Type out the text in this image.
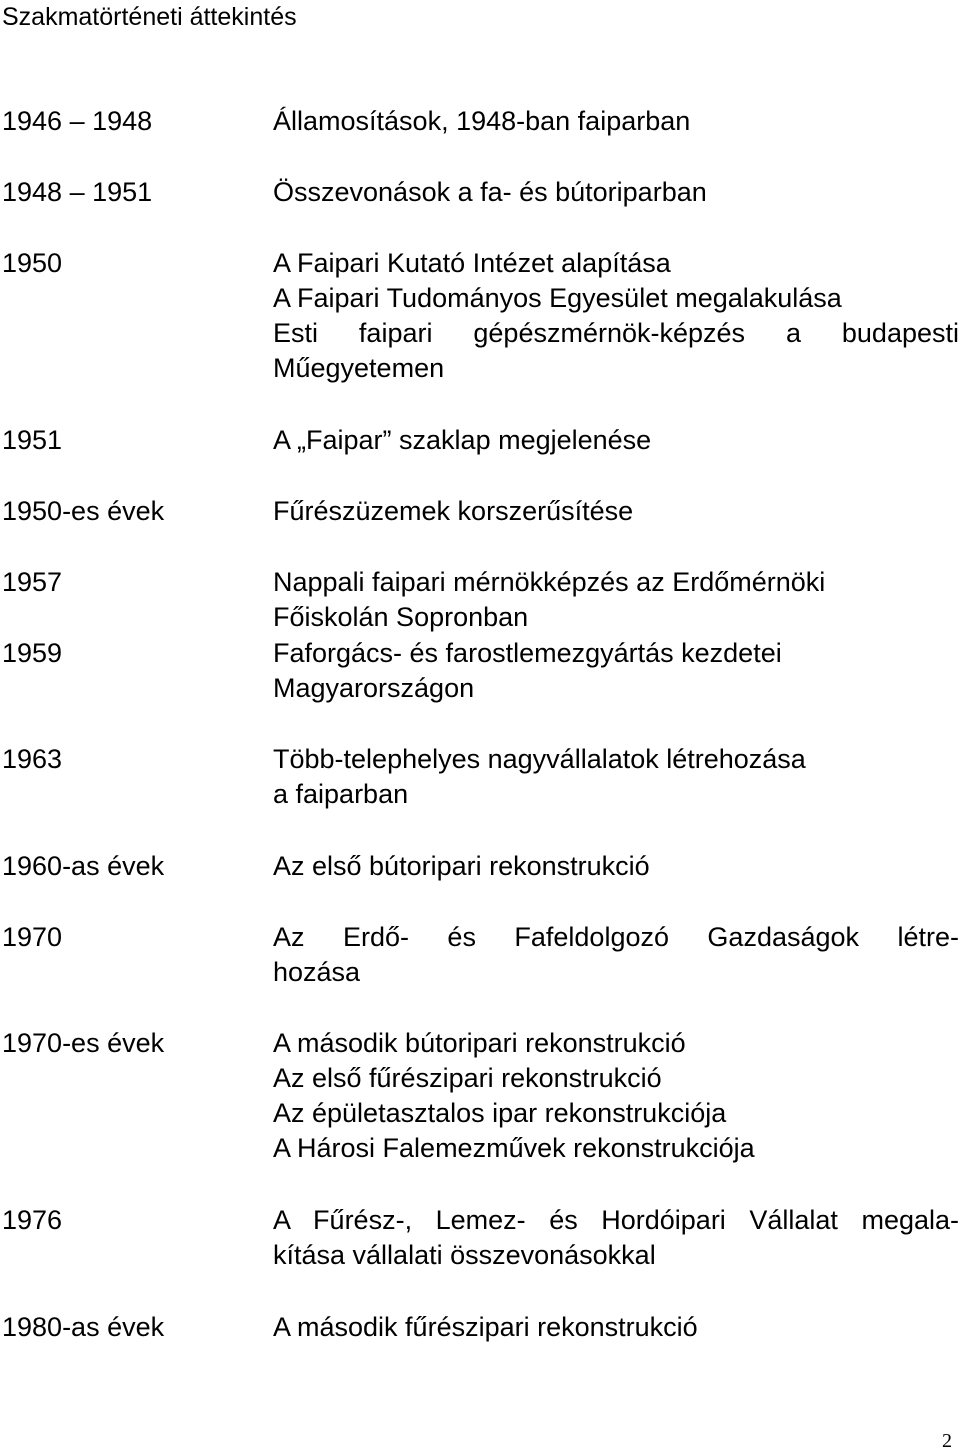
Szakmatörténeti áttekintés
1946 – 1948	Államosítások, 1948-ban faiparban
1948 – 1951	Összevonások a fa- és bútoriparban
1950	A Faipari Kutató Intézet alapítása
A Faipari Tudományos Egyesület megalakulása
Esti faipari gépészmérnök-képzés a budapesti
Műegyetemen
1951	A „Faipar” szaklap megjelenése
1950-es évek	Fűrészüzemek korszerűsítése
1957	Nappali faipari mérnökképzés az Erdőmérnöki
Főiskolán Sopronban
1959	Faforgács- és farostlemezgyártás kezdetei
Magyarországon
1963	Több-telephelyes nagyvállalatok létrehozása
a faiparban
1960-as évek	Az első bútoripari rekonstrukció
1970	Az Erdő- és Fafeldolgozó Gazdaságok létre-
hozása
1970-es évek	A második bútoripari rekonstrukció
Az első fűrészipari rekonstrukció
Az épületasztalos ipar rekonstrukciója
A Hárosi Falemezművek rekonstrukciója
1976	A Fűrész-, Lemez- és Hordóipari Vállalat megala-
kítása vállalati összevonásokkal
1980-as évek	A második fűrészipari rekonstrukció
2
